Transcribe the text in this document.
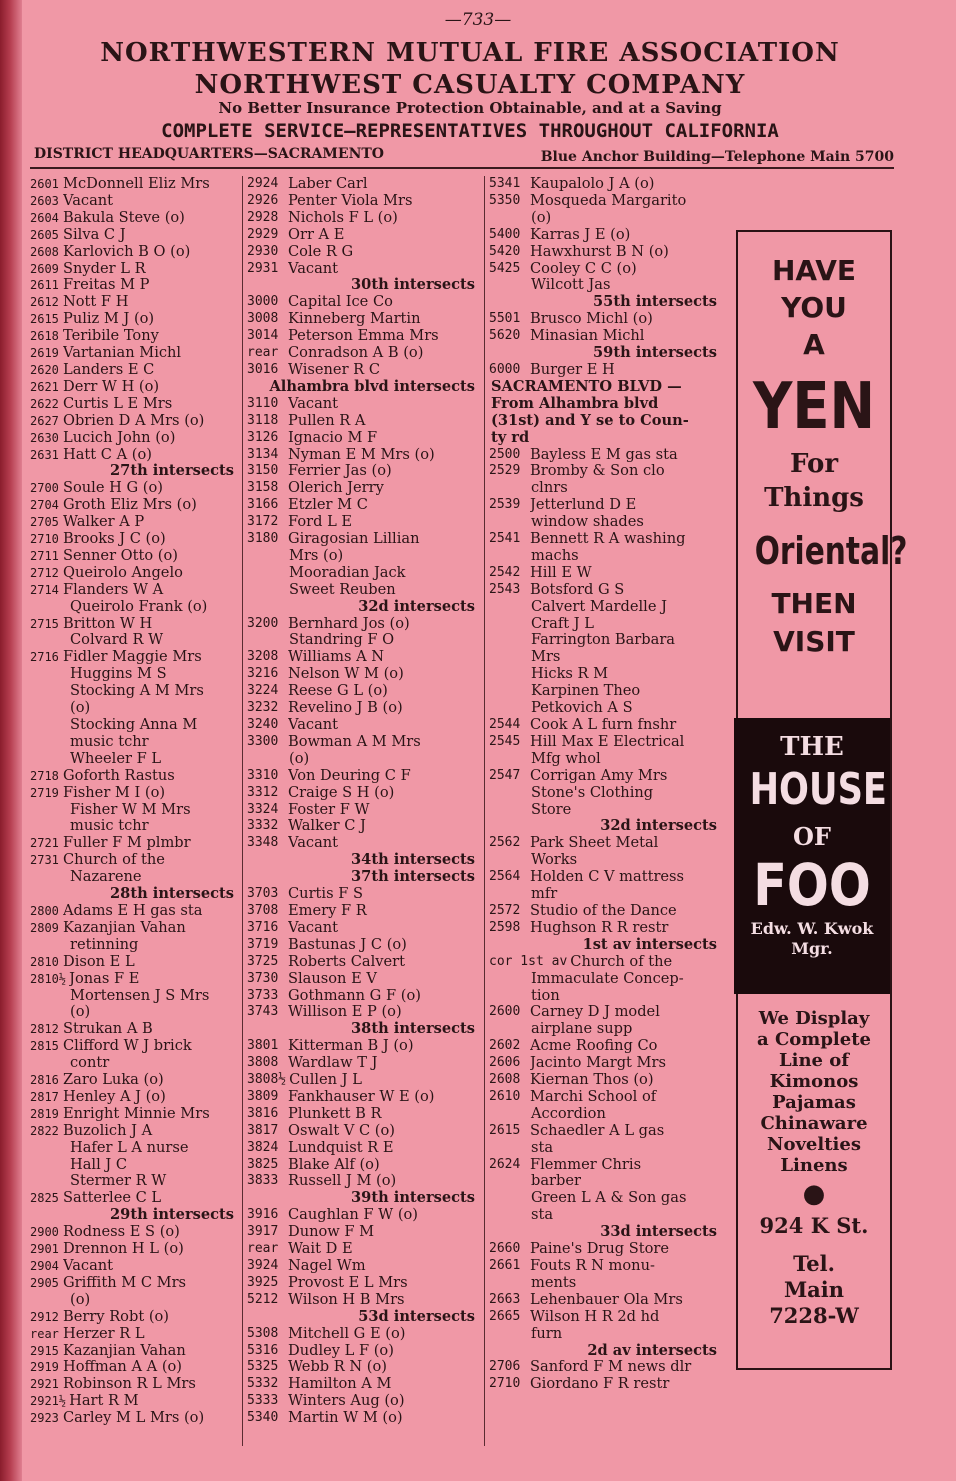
—733—
NORTHWESTERN MUTUAL FIRE ASSOCIATION
NORTHWEST CASUALTY COMPANY
No Better Insurance Protection Obtainable, and at a Saving
COMPLETE SERVICE—REPRESENTATIVES THROUGHOUT CALIFORNIA
DISTRICT HEADQUARTERS—SACRAMENTO	Blue Anchor Building—Telephone Main 5700
2601 McDonnell Eliz Mrs
2603 Vacant
2604 Bakula Steve (o)
2605 Silva C J
2608 Karlovich B O (o)
2609 Snyder L R
2611 Freitas M P
2612 Nott F H
2615 Puliz M J (o)
2618 Teribile Tony
2619 Vartanian Michl
2620 Landers E C
2621 Derr W H (o)
2622 Curtis L E Mrs
2627 Obrien D A Mrs (o)
2630 Lucich John (o)
2631 Hatt C A (o)
27th intersects
2700 Soule H G (o)
2704 Groth Eliz Mrs (o)
2705 Walker A P
2710 Brooks J C (o)
2711 Senner Otto (o)
2712 Queirolo Angelo
2714 Flanders W A
Queirolo Frank (o)
2715 Britton W H
Colvard R W
2716 Fidler Maggie Mrs
Huggins M S
Stocking A M Mrs
(o)
Stocking Anna M
music tchr
Wheeler F L
2718 Goforth Rastus
2719 Fisher M I (o)
Fisher W M Mrs
music tchr
2721 Fuller F M plmbr
2731 Church of the
Nazarene
28th intersects
2800 Adams E H gas sta
2809 Kazanjian Vahan
retinning
2810 Dison E L
2810½ Jonas F E
Mortensen J S Mrs
(o)
2812 Strukan A B
2815 Clifford W J brick
contr
2816 Zaro Luka (o)
2817 Henley A J (o)
2819 Enright Minnie Mrs
2822 Buzolich J A
Hafer L A nurse
Hall J C
Stermer R W
2825 Satterlee C L
29th intersects
2900 Rodness E S (o)
2901 Drennon H L (o)
2904 Vacant
2905 Griffith M C Mrs
(o)
2912 Berry Robt (o)
rear Herzer R L
2915 Kazanjian Vahan
2919 Hoffman A A (o)
2921 Robinson R L Mrs
2921½ Hart R M
2923 Carley M L Mrs (o)
2924 Laber Carl
2926 Penter Viola Mrs
2928 Nichols F L (o)
2929 Orr A E
2930 Cole R G
2931 Vacant
30th intersects
3000 Capital Ice Co
3008 Kinneberg Martin
3014 Peterson Emma Mrs
rear Conradson A B (o)
3016 Wisener R C
Alhambra blvd intersects
3110 Vacant
3118 Pullen R A
3126 Ignacio M F
3134 Nyman E M Mrs (o)
3150 Ferrier Jas (o)
3158 Olerich Jerry
3166 Etzler M C
3172 Ford L E
3180 Giragosian Lillian
Mrs (o)
Mooradian Jack
Sweet Reuben
32d intersects
3200 Bernhard Jos (o)
Standring F O
3208 Williams A N
3216 Nelson W M (o)
3224 Reese G L (o)
3232 Revelino J B (o)
3240 Vacant
3300 Bowman A M Mrs
(o)
3310 Von Deuring C F
3312 Craige S H (o)
3324 Foster F W
3332 Walker C J
3348 Vacant
34th intersects
37th intersects
3703 Curtis F S
3708 Emery F R
3716 Vacant
3719 Bastunas J C (o)
3725 Roberts Calvert
3730 Slauson E V
3733 Gothmann G F (o)
3743 Willison E P (o)
38th intersects
3801 Kitterman B J (o)
3808 Wardlaw T J
3808½ Cullen J L
3809 Fankhauser W E (o)
3816 Plunkett B R
3817 Oswalt V C (o)
3824 Lundquist R E
3825 Blake Alf (o)
3833 Russell J M (o)
39th intersects
3916 Caughlan F W (o)
3917 Dunow F M
rear Wait D E
3924 Nagel Wm
3925 Provost E L Mrs
5212 Wilson H B Mrs
53d intersects
5308 Mitchell G E (o)
5316 Dudley L F (o)
5325 Webb R N (o)
5332 Hamilton A M
5333 Winters Aug (o)
5340 Martin W M (o)
5341 Kaupalolo J A (o)
5350 Mosqueda Margarito
(o)
5400 Karras J E (o)
5420 Hawxhurst B N (o)
5425 Cooley C C (o)
Wilcott Jas
55th intersects
5501 Brusco Michl (o)
5620 Minasian Michl
59th intersects
6000 Burger E H
SACRAMENTO BLVD —
From Alhambra blvd
(31st) and Y se to Coun-
ty rd
2500 Bayless E M gas sta
2529 Bromby & Son clo
clnrs
2539 Jetterlund D E
window shades
2541 Bennett R A washing
machs
2542 Hill E W
2543 Botsford G S
Calvert Mardelle J
Craft J L
Farrington Barbara
Mrs
Hicks R M
Karpinen Theo
Petkovich A S
2544 Cook A L furn fnshr
2545 Hill Max E Electrical
Mfg whol
2547 Corrigan Amy Mrs
Stone's Clothing
Store
32d intersects
2562 Park Sheet Metal
Works
2564 Holden C V mattress
mfr
2572 Studio of the Dance
2598 Hughson R R restr
1st av intersects
cor 1st av Church of the
Immaculate Concep-
tion
2600 Carney D J model
airplane supp
2602 Acme Roofing Co
2606 Jacinto Margt Mrs
2608 Kiernan Thos (o)
2610 Marchi School of
Accordion
2615 Schaedler A L gas
sta
2624 Flemmer Chris
barber
Green L A & Son gas
sta
33d intersects
2660 Paine's Drug Store
2661 Fouts R N monu-
ments
2663 Lehenbauer Ola Mrs
2665 Wilson H R 2d hd
furn
2d av intersects
2706 Sanford F M news dlr
2710 Giordano F R restr
HAVE
YOU
A
YEN
For
Things
Oriental?
THEN
VISIT
THE
HOUSE
OF
FOO
Edw. W. Kwok
Mgr.
We Display
a Complete
Line of
Kimonos
Pajamas
Chinaware
Novelties
Linens
●
924 K St.
Tel.
Main
7228-W
